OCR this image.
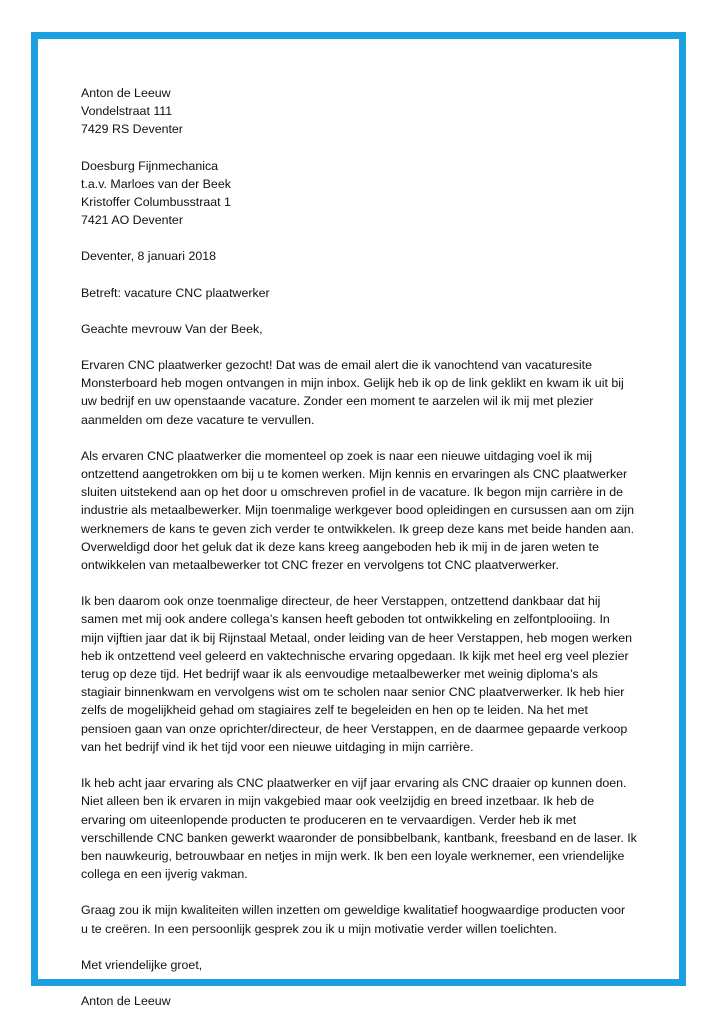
Anton de Leeuw
Vondelstraat 111
7429 RS Deventer
Doesburg Fijnmechanica
t.a.v. Marloes van der Beek
Kristoffer Columbusstraat 1
7421 AO Deventer
Deventer, 8 januari 2018
Betreft: vacature CNC plaatwerker
Geachte mevrouw Van der Beek,
Ervaren CNC plaatwerker gezocht! Dat was de email alert die ik vanochtend van vacaturesite
Monsterboard heb mogen ontvangen in mijn inbox. Gelijk heb ik op de link geklikt en kwam ik uit bij
uw bedrijf en uw openstaande vacature. Zonder een moment te aarzelen wil ik mij met plezier
aanmelden om deze vacature te vervullen.
Als ervaren CNC plaatwerker die momenteel op zoek is naar een nieuwe uitdaging voel ik mij
ontzettend aangetrokken om bij u te komen werken. Mijn kennis en ervaringen als CNC plaatwerker
sluiten uitstekend aan op het door u omschreven profiel in de vacature. Ik begon mijn carrière in de
industrie als metaalbewerker. Mijn toenmalige werkgever bood opleidingen en cursussen aan om zijn
werknemers de kans te geven zich verder te ontwikkelen. Ik greep deze kans met beide handen aan.
Overweldigd door het geluk dat ik deze kans kreeg aangeboden heb ik mij in de jaren weten te
ontwikkelen van metaalbewerker tot CNC frezer en vervolgens tot CNC plaatverwerker.
Ik ben daarom ook onze toenmalige directeur, de heer Verstappen, ontzettend dankbaar dat hij
samen met mij ook andere collega’s kansen heeft geboden tot ontwikkeling en zelfontplooiing. In
mijn vijftien jaar dat ik bij Rijnstaal Metaal, onder leiding van de heer Verstappen, heb mogen werken
heb ik ontzettend veel geleerd en vaktechnische ervaring opgedaan. Ik kijk met heel erg veel plezier
terug op deze tijd. Het bedrijf waar ik als eenvoudige metaalbewerker met weinig diploma’s als
stagiair binnenkwam en vervolgens wist om te scholen naar senior CNC plaatverwerker. Ik heb hier
zelfs de mogelijkheid gehad om stagiaires zelf te begeleiden en hen op te leiden. Na het met
pensioen gaan van onze oprichter/directeur, de heer Verstappen, en de daarmee gepaarde verkoop
van het bedrijf vind ik het tijd voor een nieuwe uitdaging in mijn carrière.
Ik heb acht jaar ervaring als CNC plaatwerker en vijf jaar ervaring als CNC draaier op kunnen doen.
Niet alleen ben ik ervaren in mijn vakgebied maar ook veelzijdig en breed inzetbaar. Ik heb de
ervaring om uiteenlopende producten te produceren en te vervaardigen. Verder heb ik met
verschillende CNC banken gewerkt waaronder de ponsibbelbank, kantbank, freesband en de laser. Ik
ben nauwkeurig, betrouwbaar en netjes in mijn werk. Ik ben een loyale werknemer, een vriendelijke
collega en een ijverig vakman.
Graag zou ik mijn kwaliteiten willen inzetten om geweldige kwalitatief hoogwaardige producten voor
u te creëren. In een persoonlijk gesprek zou ik u mijn motivatie verder willen toelichten.
Met vriendelijke groet,
Anton de Leeuw
